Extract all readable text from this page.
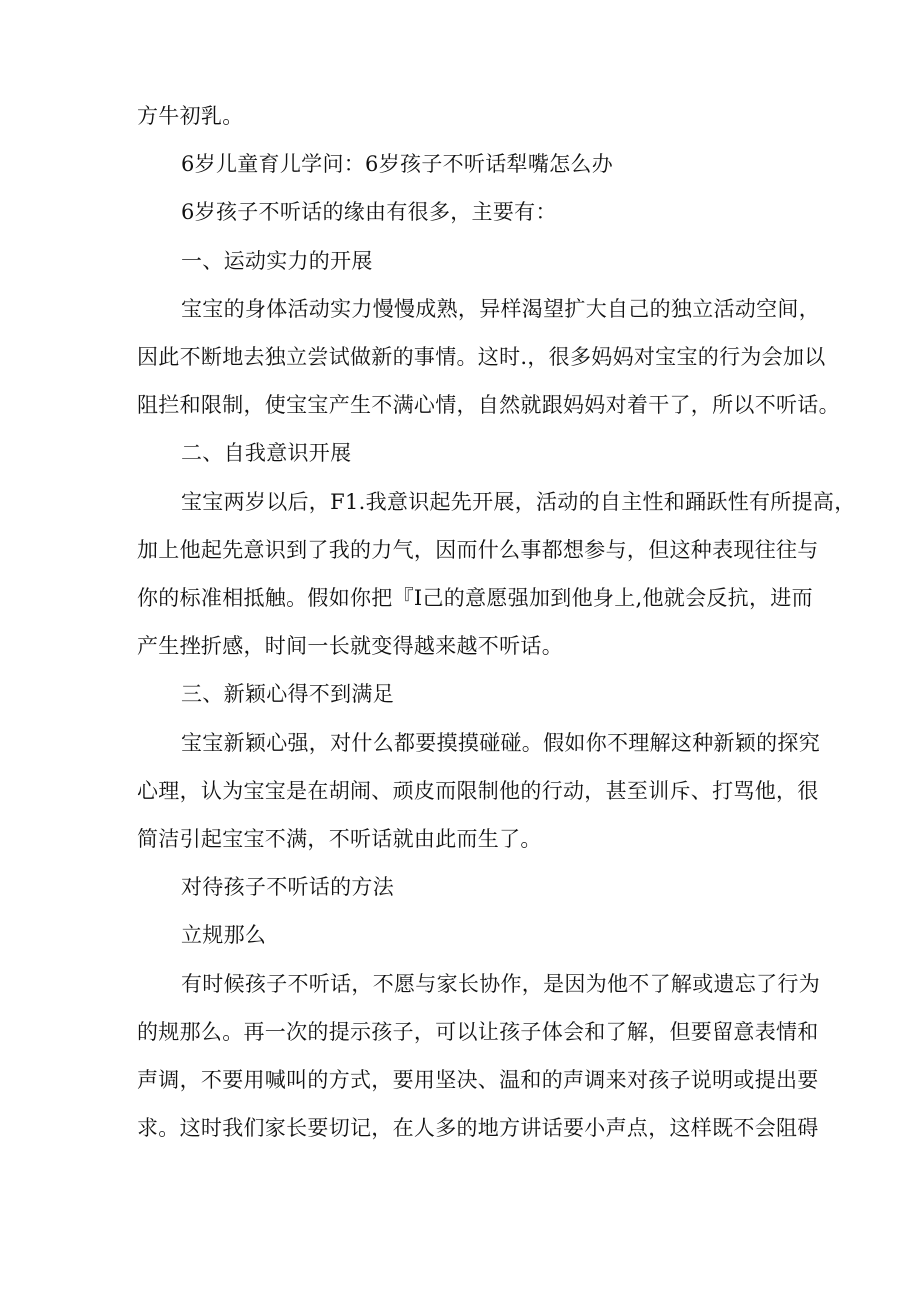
方牛初乳。
6岁儿童育儿学问：6岁孩子不听话犁嘴怎么办
6岁孩子不听话的缘由有很多，主要有：
一、运动实力的开展
宝宝的身体活动实力慢慢成熟，异样渴望扩大自己的独立活动空间，
因此不断地去独立尝试做新的事情。这时.，很多妈妈对宝宝的行为会加以
阻拦和限制，使宝宝产生不满心情，自然就跟妈妈对着干了，所以不听话。
二、自我意识开展
宝宝两岁以后，F1.我意识起先开展，活动的自主性和踊跃性有所提高，
加上他起先意识到了我的力气，因而什么事都想参与，但这种表现往往与
你的标准相抵触。假如你把『I己的意愿强加到他身上,他就会反抗，进而
产生挫折感，时间一长就变得越来越不听话。
三、新颖心得不到满足
宝宝新颖心强，对什么都要摸摸碰碰。假如你不理解这种新颖的探究
心理，认为宝宝是在胡闹、顽皮而限制他的行动，甚至训斥、打骂他，很
简洁引起宝宝不满，不听话就由此而生了。
对待孩子不听话的方法
立规那么
有时候孩子不听话，不愿与家长协作，是因为他不了解或遗忘了行为
的规那么。再一次的提示孩子，可以让孩子体会和了解，但要留意表情和
声调，不要用喊叫的方式，要用坚决、温和的声调来对孩子说明或提出要
求。这时我们家长要切记，在人多的地方讲话要小声点，这样既不会阻碍
